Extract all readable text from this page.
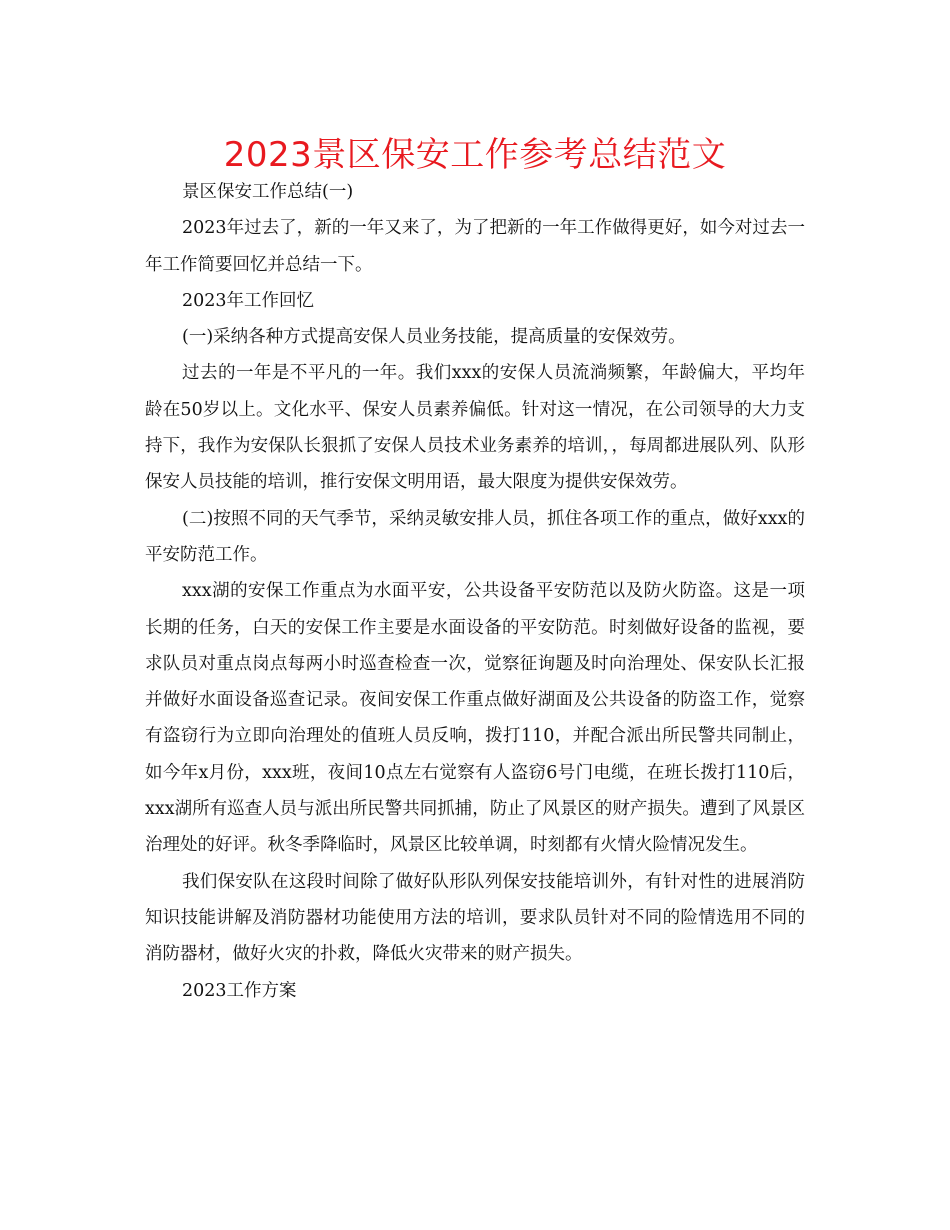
2023景区保安工作参考总结范文

景区保安工作总结(一)

2023年过去了，新的一年又来了，为了把新的一年工作做得更好，如今对过去一年工作简要回忆并总结一下。

2023年工作回忆

(一)采纳各种方式提高安保人员业务技能，提高质量的安保效劳。

过去的一年是不平凡的一年。我们xxx的安保人员流淌频繁，年龄偏大，平均年龄在50岁以上。文化水平、保安人员素养偏低。针对这一情况，在公司领导的大力支持下，我作为安保队长狠抓了安保人员技术业务素养的培训，，每周都进展队列、队形保安人员技能的培训，推行安保文明用语，最大限度为提供安保效劳。

(二)按照不同的天气季节，采纳灵敏安排人员，抓住各项工作的重点，做好xxx的平安防范工作。

xxx湖的安保工作重点为水面平安，公共设备平安防范以及防火防盗。这是一项长期的任务，白天的安保工作主要是水面设备的平安防范。时刻做好设备的监视，要求队员对重点岗点每两小时巡查检查一次，觉察征询题及时向治理处、保安队长汇报并做好水面设备巡查记录。夜间安保工作重点做好湖面及公共设备的防盗工作，觉察有盗窃行为立即向治理处的值班人员反响，拨打110，并配合派出所民警共同制止，如今年x月份，xxx班，夜间10点左右觉察有人盗窃6号门电缆，在班长拨打110后，xxx湖所有巡查人员与派出所民警共同抓捕，防止了风景区的财产损失。遭到了风景区治理处的好评。秋冬季降临时，风景区比较单调，时刻都有火情火险情况发生。

我们保安队在这段时间除了做好队形队列保安技能培训外，有针对性的进展消防知识技能讲解及消防器材功能使用方法的培训，要求队员针对不同的险情选用不同的消防器材，做好火灾的扑救，降低火灾带来的财产损失。

2023工作方案
